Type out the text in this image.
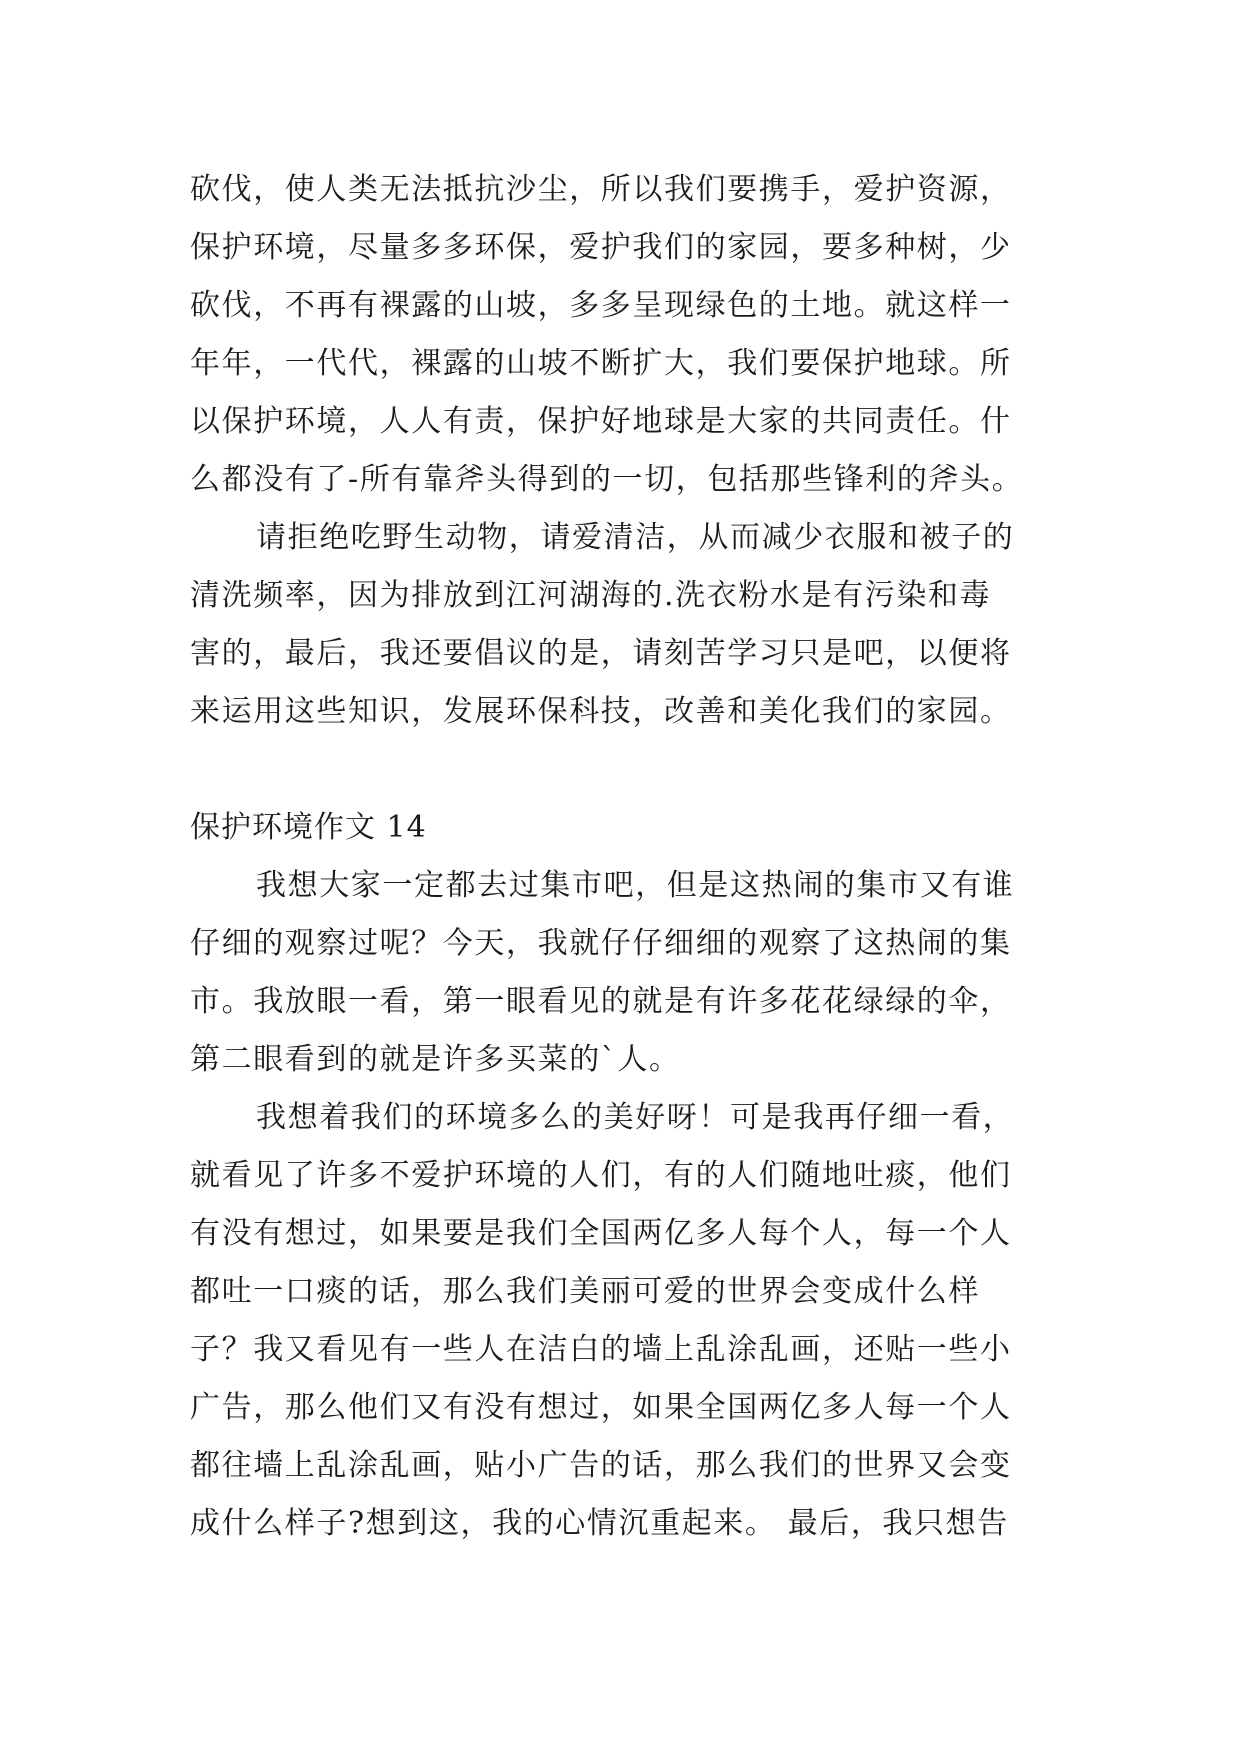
砍伐，使人类无法抵抗沙尘，所以我们要携手，爱护资源，
保护环境，尽量多多环保，爱护我们的家园，要多种树，少
砍伐，不再有裸露的山坡，多多呈现绿色的土地。就这样一
年年，一代代，裸露的山坡不断扩大，我们要保护地球。所
以保护环境，人人有责，保护好地球是大家的共同责任。什
么都没有了-所有靠斧头得到的一切，包括那些锋利的斧头。
请拒绝吃野生动物，请爱清洁，从而减少衣服和被子的
清洗频率，因为排放到江河湖海的.洗衣粉水是有污染和毒
害的，最后，我还要倡议的是，请刻苦学习只是吧，以便将
来运用这些知识，发展环保科技，改善和美化我们的家园。
保护环境作文 14
我想大家一定都去过集市吧，但是这热闹的集市又有谁
仔细的观察过呢？今天，我就仔仔细细的观察了这热闹的集
市。我放眼一看，第一眼看见的就是有许多花花绿绿的伞，
第二眼看到的就是许多买菜的`人。
我想着我们的环境多么的美好呀！可是我再仔细一看，
就看见了许多不爱护环境的人们，有的人们随地吐痰，他们
有没有想过，如果要是我们全国两亿多人每个人，每一个人
都吐一口痰的话，那么我们美丽可爱的世界会变成什么样
子？我又看见有一些人在洁白的墙上乱涂乱画，还贴一些小
广告，那么他们又有没有想过，如果全国两亿多人每一个人
都往墙上乱涂乱画，贴小广告的话，那么我们的世界又会变
成什么样子?想到这，我的心情沉重起来。 最后，我只想告
